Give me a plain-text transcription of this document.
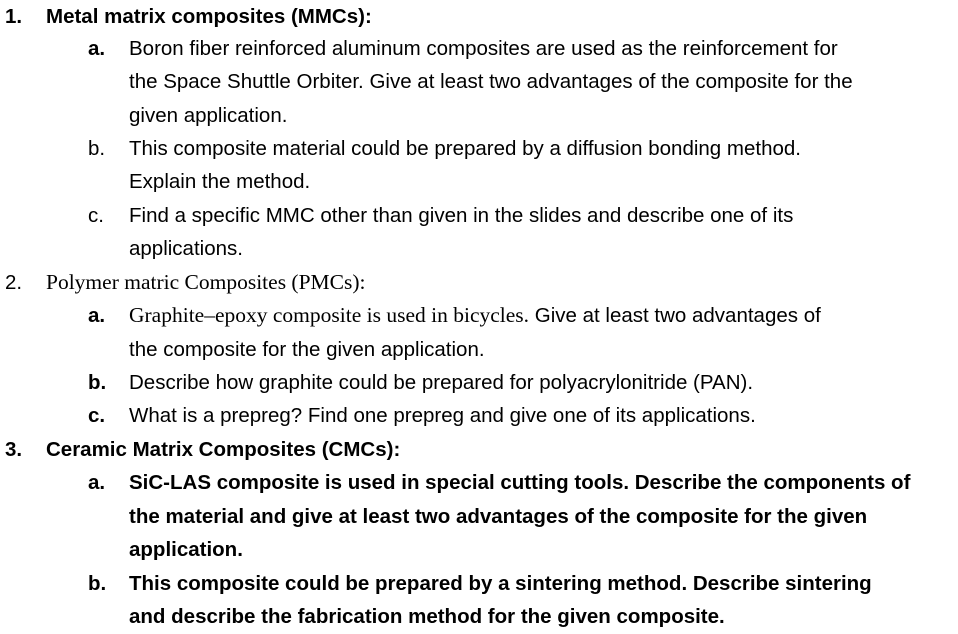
1. Metal matrix composites (MMCs):
a. Boron fiber reinforced aluminum composites are used as the reinforcement for
the Space Shuttle Orbiter. Give at least two advantages of the composite for the
given application.
b. This composite material could be prepared by a diffusion bonding method.
Explain the method.
c. Find a specific MMC other than given in the slides and describe one of its
applications.
2. Polymer matric Composites (PMCs):
a. Graphite–epoxy composite is used in bicycles. Give at least two advantages of
the composite for the given application.
b. Describe how graphite could be prepared for polyacrylonitride (PAN).
c. What is a prepreg? Find one prepreg and give one of its applications.
3. Ceramic Matrix Composites (CMCs):
a. SiC-LAS composite is used in special cutting tools. Describe the components of
the material and give at least two advantages of the composite for the given
application.
b. This composite could be prepared by a sintering method. Describe sintering
and describe the fabrication method for the given composite.
